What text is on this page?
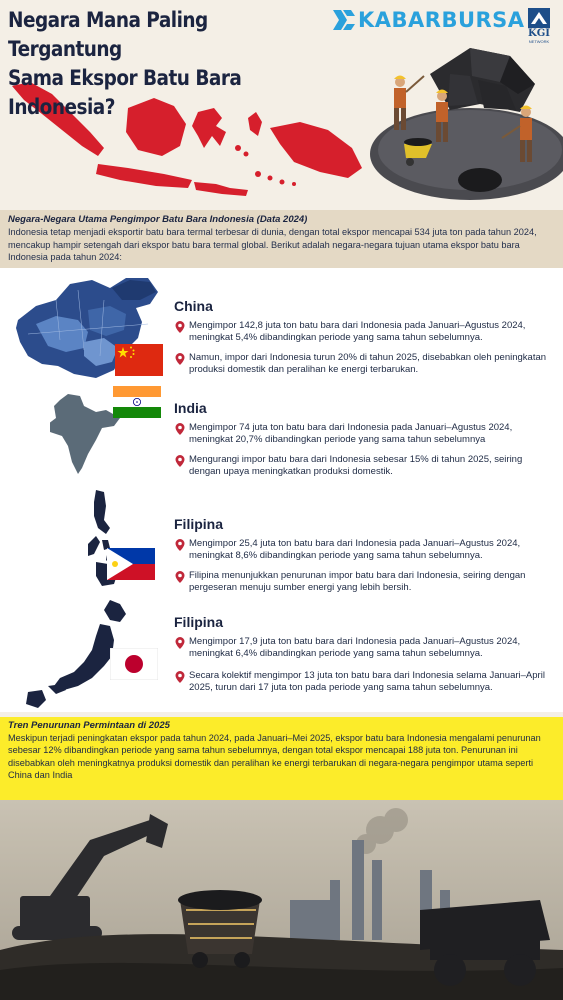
Negara Mana Paling Tergantung
Sama Ekspor Batu Bara Indonesia?
KABARBURSA
KGI
NETWORK
Negara-Negara Utama Pengimpor Batu Bara Indonesia (Data 2024)
Indonesia tetap menjadi eksportir batu bara termal terbesar di dunia, dengan total ekspor mencapai 534 juta ton pada tahun 2024, mencakup hampir setengah dari ekspor batu bara termal global. Berikut adalah negara-negara tujuan utama ekspor batu bara Indonesia pada tahun 2024:
China
Mengimpor 142,8 juta ton batu bara dari Indonesia pada Januari–Agustus 2024, meningkat 5,4% dibandingkan periode yang sama tahun sebelumnya.
Namun, impor dari Indonesia turun 20% di tahun 2025, disebabkan oleh peningkatan produksi domestik dan peralihan ke energi terbarukan.
India
Mengimpor 74 juta ton batu bara dari Indonesia pada Januari–Agustus 2024, meningkat 20,7% dibandingkan periode yang sama tahun sebelumnya
Mengurangi impor batu bara dari Indonesia sebesar 15% di tahun 2025, seiring dengan upaya meningkatkan produksi domestik.
Filipina
Mengimpor 25,4 juta ton batu bara dari Indonesia pada Januari–Agustus 2024, meningkat 8,6% dibandingkan periode yang sama tahun sebelumnya.
Filipina menunjukkan penurunan impor batu bara dari Indonesia, seiring dengan pergeseran menuju sumber energi yang lebih bersih.
Filipina
Mengimpor 17,9 juta ton batu bara dari Indonesia pada Januari–Agustus 2024, meningkat 6,4% dibandingkan periode yang sama tahun sebelumnya.
Secara kolektif mengimpor 13 juta ton batu bara dari Indonesia selama Januari–April 2025, turun dari 17 juta ton pada periode yang sama tahun sebelumnya.
Tren Penurunan Permintaan di 2025
Meskipun terjadi peningkatan ekspor pada tahun 2024, pada Januari–Mei 2025, ekspor batu bara Indonesia mengalami penurunan sebesar 12% dibandingkan periode yang sama tahun sebelumnya, dengan total ekspor mencapai 188 juta ton. Penurunan ini disebabkan oleh meningkatnya produksi domestik dan peralihan ke energi terbarukan di negara-negara pengimpor utama seperti China dan India
